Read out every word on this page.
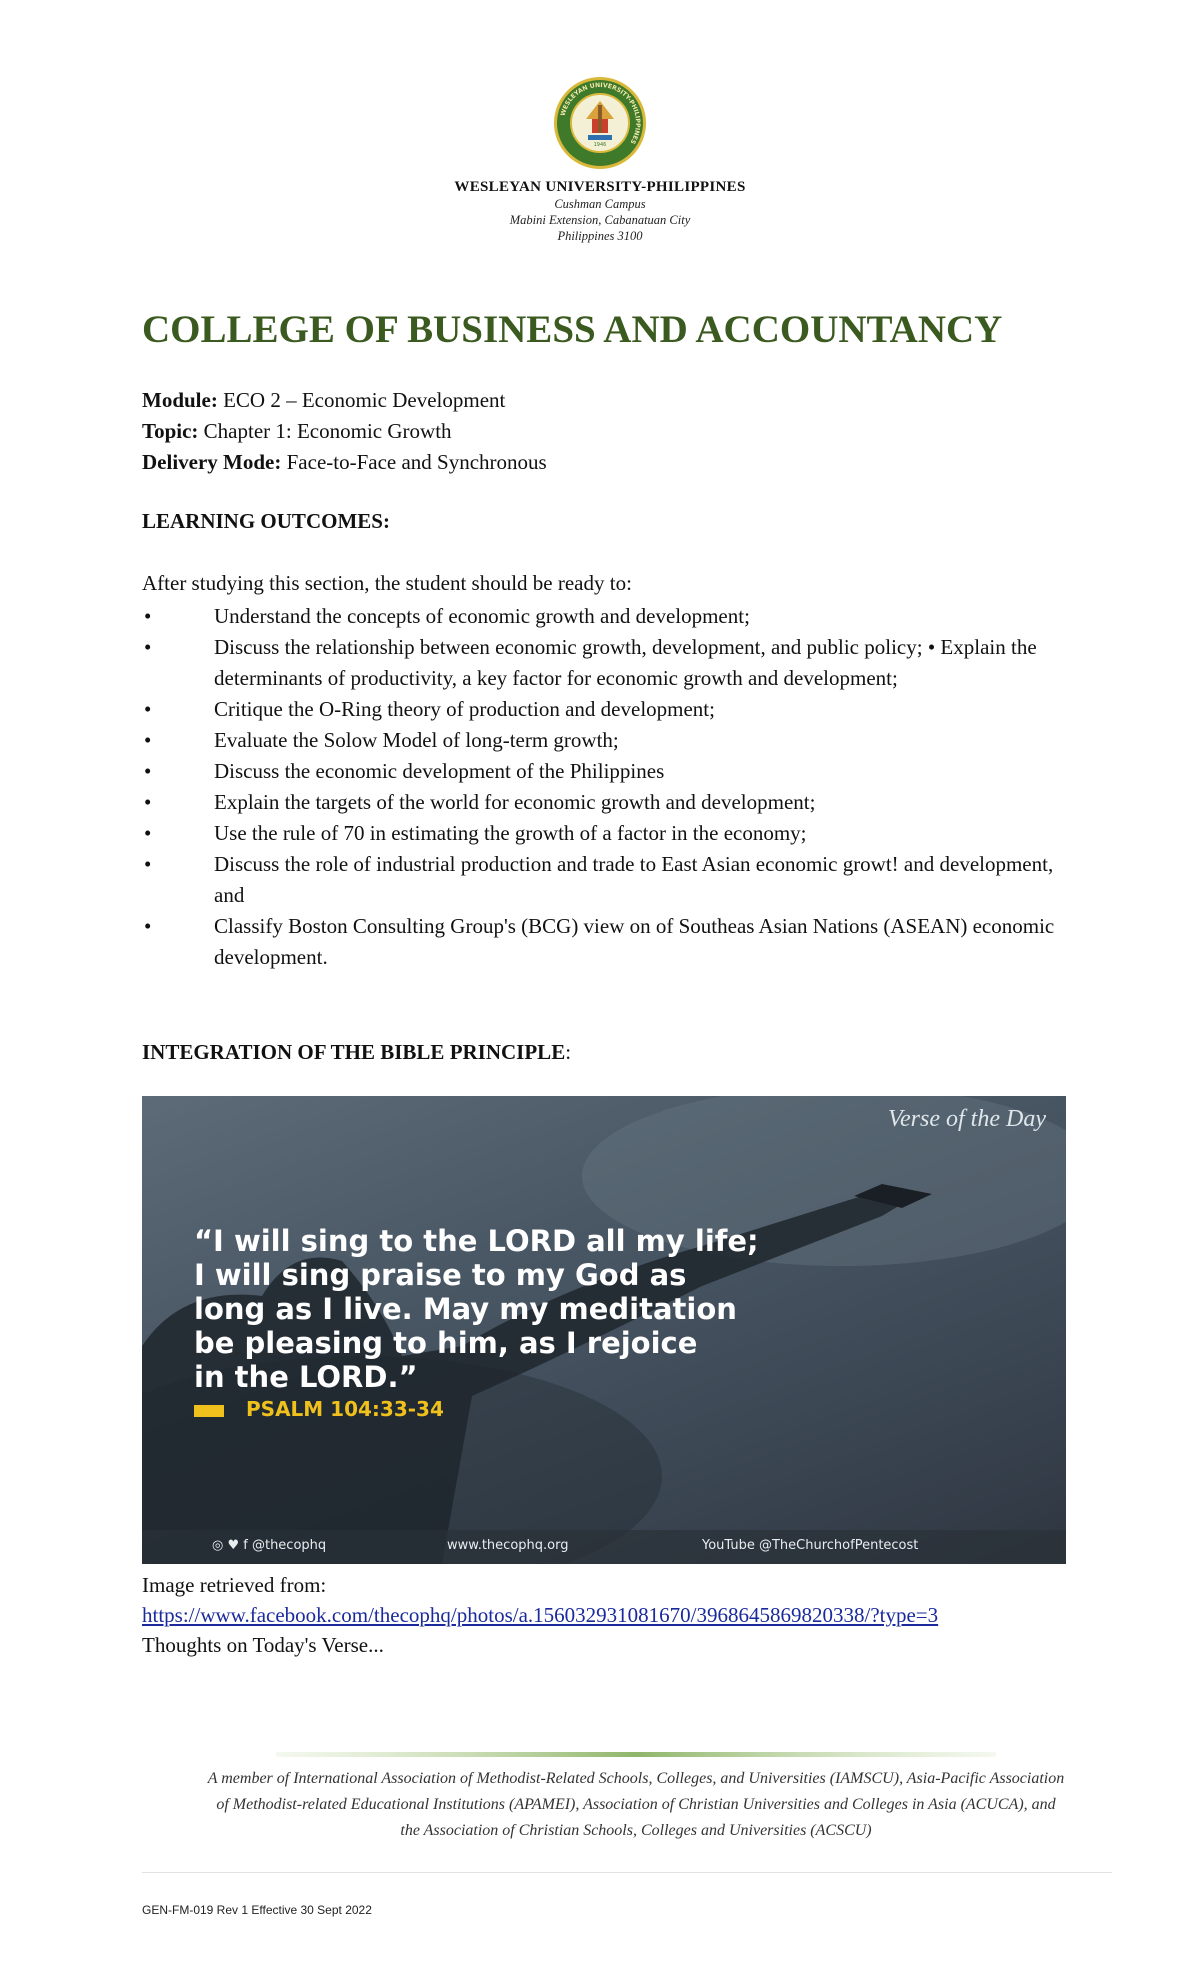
WESLEYAN UNIVERSITY-PHILIPPINES
1946
WESLEYAN UNIVERSITY-PHILIPPINES
Cushman Campus
Mabini Extension, Cabanatuan City
Philippines 3100
COLLEGE OF BUSINESS AND ACCOUNTANCY
Module: ECO 2 – Economic Development
Topic: Chapter 1: Economic Growth
Delivery Mode: Face-to-Face and Synchronous
LEARNING OUTCOMES:
After studying this section, the student should be ready to:
•	Understand the concepts of economic growth and development;
•	Discuss the relationship between economic growth, development, and public policy; • Explain the determinants of productivity, a key factor for economic growth and development;
•	Critique the O-Ring theory of production and development;
•	Evaluate the Solow Model of long-term growth;
•	Discuss the economic development of the Philippines
•	Explain the targets of the world for economic growth and development;
•	Use the rule of 70 in estimating the growth of a factor in the economy;
•	Discuss the role of industrial production and trade to East Asian economic growt! and development, and
•	Classify Boston Consulting Group's (BCG) view on of Southeas Asian Nations (ASEAN) economic development.
INTEGRATION OF THE BIBLE PRINCIPLE:
Verse of the Day
“I will sing to the LORD all my life;
I will sing praise to my God as
long as I live. May my meditation
be pleasing to him, as I rejoice
in the LORD.”
PSALM 104:33-34
◎ ♥ f @thecophq	www.thecophq.org	YouTube @TheChurchofPentecost
Image retrieved from:
https://www.facebook.com/thecophq/photos/a.156032931081670/3968645869820338/?type=3
Thoughts on Today's Verse...
A member of International Association of Methodist-Related Schools, Colleges, and Universities (IAMSCU), Asia-Pacific Association of Methodist-related Educational Institutions (APAMEI), Association of Christian Universities and Colleges in Asia (ACUCA), and the Association of Christian Schools, Colleges and Universities (ACSCU)
GEN-FM-019 Rev 1 Effective 30 Sept 2022
